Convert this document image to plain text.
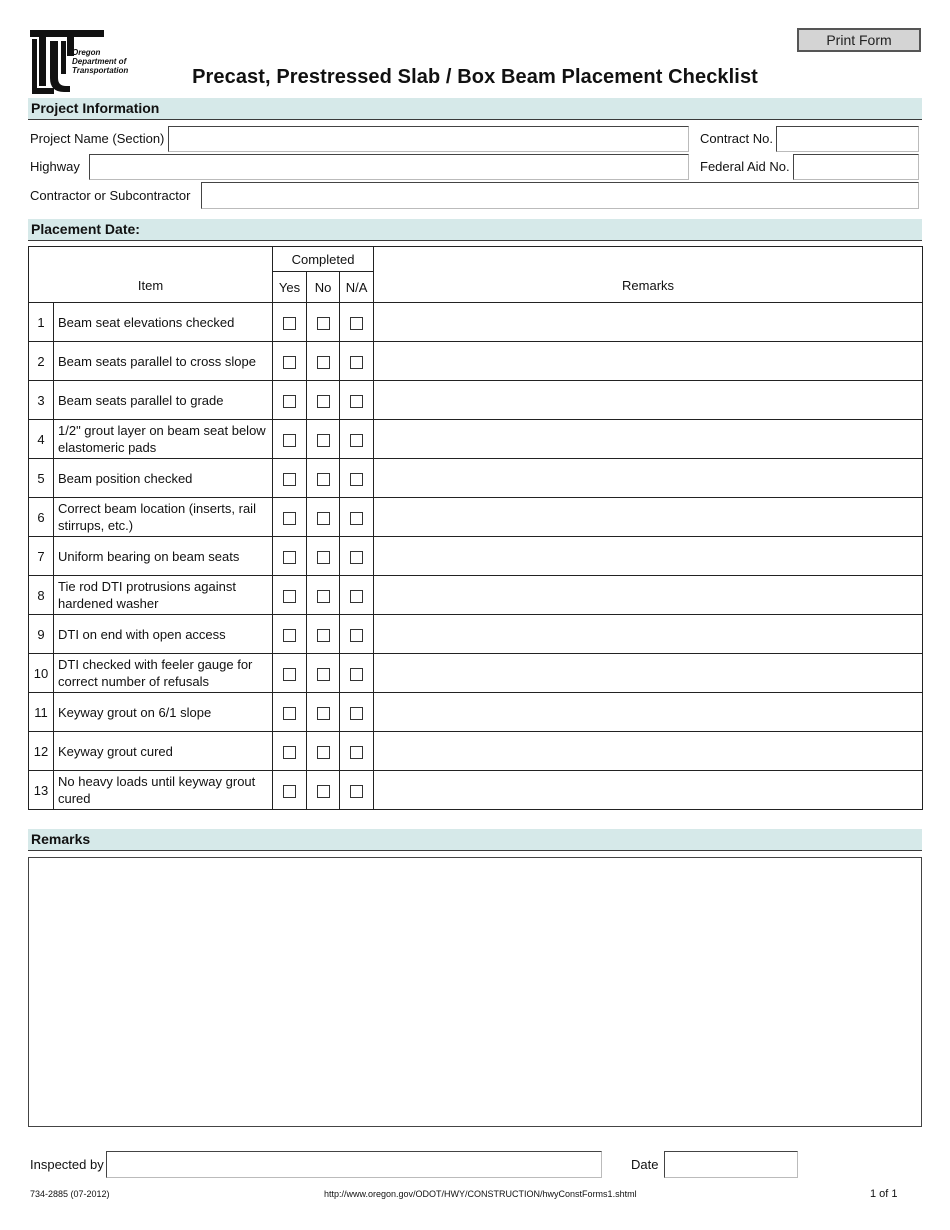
Oregon Department of Transportation
Print Form
Precast, Prestressed Slab / Box Beam Placement Checklist
Project Information
Project Name (Section)	Contract No.
Highway	Federal Aid No.
Contractor or Subcontractor
Placement Date:
Item		Completed			Remarks
		Yes	No	N/A	
1	Beam seat elevations checked				
2	Beam seats parallel to cross slope				
3	Beam seats parallel to grade				
4	1/2" grout layer on beam seat below elastomeric pads				
5	Beam position checked				
6	Correct beam location (inserts, rail stirrups, etc.)				
7	Uniform bearing on beam seats				
8	Tie rod DTI protrusions against hardened washer				
9	DTI on end with open access				
10	DTI checked with feeler gauge for correct number of refusals				
11	Keyway grout on 6/1 slope				
12	Keyway grout cured				
13	No heavy loads until keyway grout cured				
Remarks
Inspected by	Date
734-2885 (07-2012)	http://www.oregon.gov/ODOT/HWY/CONSTRUCTION/hwyConstForms1.shtml	1 of 1
